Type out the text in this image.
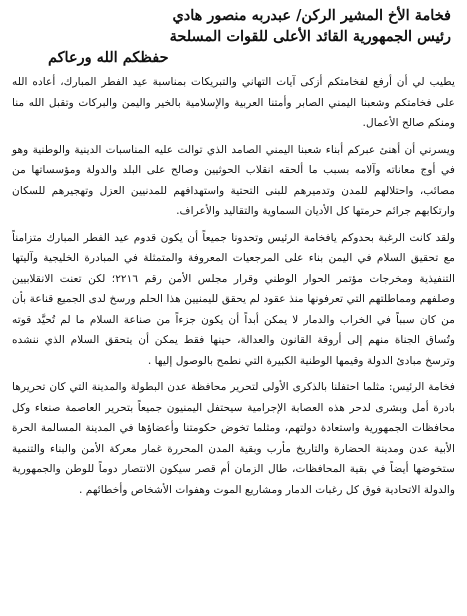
فخامة الأخ المشير الركن/ عبدربه منصور هادي
رئيس الجمهورية القائد الأعلى للقوات المسلحة
حفظكم الله ورعاكم

يطيب لي أن أرفع لفخامتكم أزكى آيات التهاني والتبريكات بمناسبة عيد الفطر المبارك، أعاده الله على فخامتكم وشعبنا اليمني الصابر وأمتنا العربية والإسلامية بالخير واليمن والبركات وتقبل الله منا ومنكم صالح الأعمال.

ويسرني أن أهنئ عبركم أبناء شعبنا اليمني الصامد الذي توالت عليه المناسبات الدينية والوطنية وهو في أوج معاناته وآلامه بسبب ما ألحقه انقلاب الحوثيين وصالح على البلد والدولة ومؤسساتها من مصائب، واحتلالهم للمدن وتدميرهم للبنى التحتية واستهدافهم للمدنيين العزل وتهجيرهم للسكان وارتكابهم جرائم حرمتها كل الأديان السماوية والتقاليد والأعراف.

ولقد كانت الرغبة بحدوكم يافخامة الرئيس وتحدونا جميعاً أن يكون قدوم عيد الفطر المبارك متزامناً مع تحقيق السلام في اليمن بناء على المرجعيات المعروفة والمتمثلة في المبادرة الخليجية وآليتها التنفيذية ومخرجات مؤتمر الحوار الوطني وقرار مجلس الأمن رقم ٢٢١٦؛ لكن تعنت الانقلابيين وصلفهم ومماطلتهم التي تعرفونها منذ عقود لم يحقق لليمنيين هذا الحلم ورسخ لدى الجميع قناعة بأن من كان سبباً في الخراب والدمار لا يمكن أبداً أن يكون جزءاً من صناعة السلام ما لم تُحيَّد قوته وتُساق الجناة منهم إلى أروقة القانون والعدالة، حينها فقط يمكن أن يتحقق السلام الذي ننشده وترسخ مبادئ الدولة وقيمها الوطنية الكبيرة التي نطمح بالوصول إليها .

فخامة الرئيس: مثلما احتفلنا بالذكرى الأولى لتحرير محافظة عدن البطولة والمدينة التي كان تحريرها بادرة أمل وبشرى لدحر هذه العصابة الإجرامية سيحتفل اليمنيون جميعاً بتحرير العاصمة صنعاء وكل محافظات الجمهورية واستعادة دولتهم، ومثلما تخوض حكومتنا وأعضاؤها في المدينة المسالمة الحرة الأبية عدن ومدينة الحضارة والتاريخ مأرب وبقية المدن المحررة غمار معركة الأمن والبناء والتنمية ستخوضها أيضاً في بقية المحافظات، طال الزمان أم قصر سيكون الانتصار دوماً للوطن والجمهورية والدولة الاتحادية فوق كل رغبات الدمار ومشاريع الموت وهفوات الأشخاص وأخطائهم .
